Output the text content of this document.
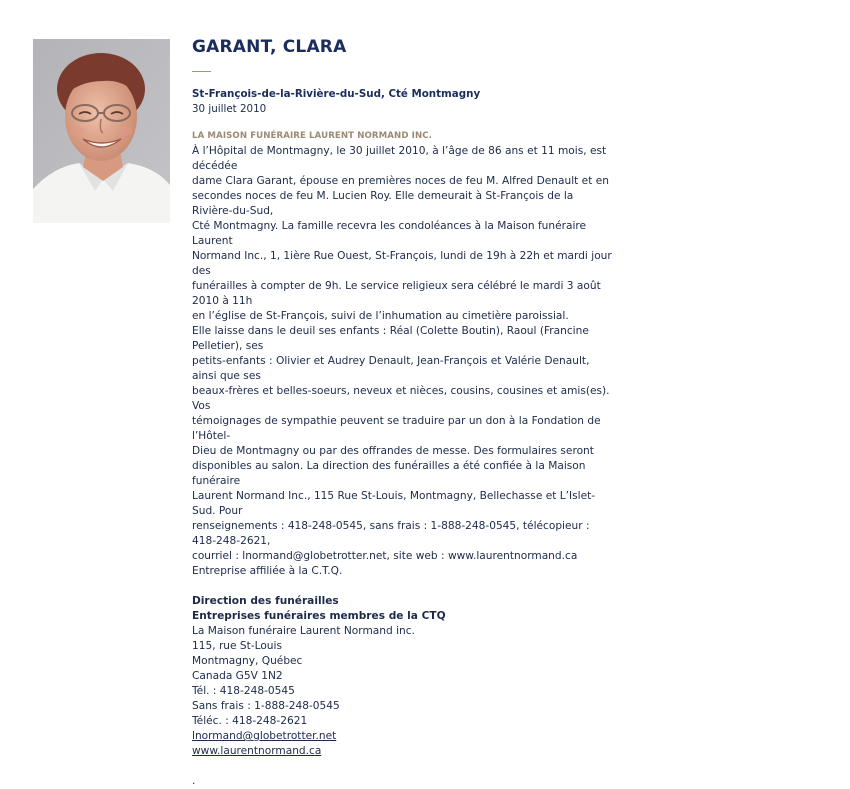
GARANT, CLARA
St-François-de-la-Rivière-du-Sud, Cté Montmagny
30 juillet 2010
LA MAISON FUNÉRAIRE LAURENT NORMAND INC.

À l’Hôpital de Montmagny, le 30 juillet 2010, à l’âge de 86 ans et 11 mois, est décédée
dame Clara Garant, épouse en premières noces de feu M. Alfred Denault et en
secondes noces de feu M. Lucien Roy. Elle demeurait à St-François de la Rivière-du-Sud,
Cté Montmagny. La famille recevra les condoléances à la Maison funéraire Laurent
Normand Inc., 1, 1ière Rue Ouest, St-François, lundi de 19h à 22h et mardi jour des
funérailles à compter de 9h. Le service religieux sera célébré le mardi 3 août 2010 à 11h
en l’église de St-François, suivi de l’inhumation au cimetière paroissial.

Elle laisse dans le deuil ses enfants : Réal (Colette Boutin), Raoul (Francine Pelletier), ses
petits-enfants : Olivier et Audrey Denault, Jean-François et Valérie Denault, ainsi que ses
beaux-frères et belles-soeurs, neveux et nièces, cousins, cousines et amis(es). Vos
témoignages de sympathie peuvent se traduire par un don à la Fondation de l’Hôtel-
Dieu de Montmagny ou par des offrandes de messe. Des formulaires seront
disponibles au salon. La direction des funérailles a été confiée à la Maison funéraire
Laurent Normand Inc., 115 Rue St-Louis, Montmagny, Bellechasse et L’Islet-Sud. Pour
renseignements : 418-248-0545, sans frais : 1-888-248-0545, télécopieur : 418-248-2621,
courriel : lnormand@globetrotter.net, site web : www.laurentnormand.ca
Entreprise affiliée à la C.T.Q.

Direction des funérailles
Entreprises funéraires membres de la CTQ
La Maison funéraire Laurent Normand inc.
115, rue St-Louis
Montmagny, Québec
Canada G5V 1N2
Tél. : 418-248-0545
Sans frais : 1-888-248-0545
Téléc. : 418-248-2621
lnormand@globetrotter.net
www.laurentnormand.ca
.
